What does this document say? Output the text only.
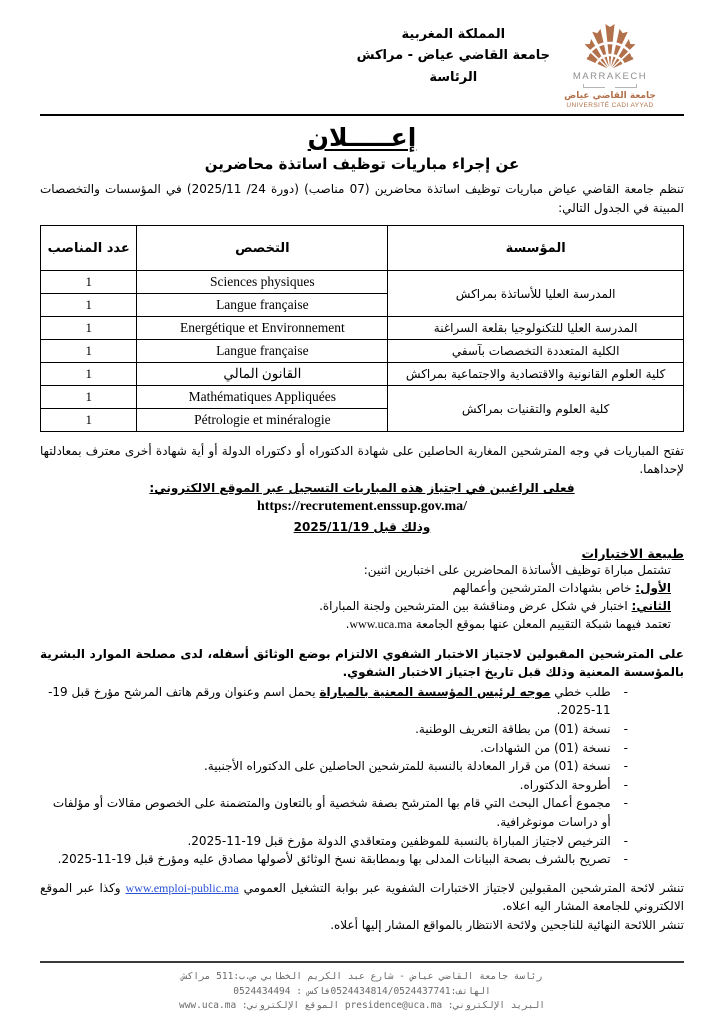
MARRAKECH
جامعة القاضي عياض
UNIVERSITÉ CADI AYYAD
المملكة المغربية
جامعة القاضي عياض - مراكش
الرئاسة
إعـــــلان
عن إجراء مباريات توظيف اساتذة محاضرين

تنظم جامعة القاضي عياض مباريات توظيف اساتذة محاضرين (07 مناصب) (دورة 24/ 2025/11) في المؤسسات والتخصصات المبينة في الجدول التالي:

المؤسسة	التخصص	عدد المناصب
المدرسة العليا للأساتذة بمراكش	Sciences physiques	1
	Langue française	1
المدرسة العليا للتكنولوجيا بقلعة السراغنة	Energétique et Environnement	1
الكلية المتعددة التخصصات بآسفي	Langue française	1
كلية العلوم القانونية والاقتصادية والاجتماعية بمراكش	القانون المالي	1
كلية العلوم والتقنيات بمراكش	Mathématiques Appliquées	1
	Pétrologie et minéralogie	1

تفتح المباريات في وجه المترشحين المغاربة الحاصلين على شهادة الدكتوراه أو دكتوراه الدولة أو أية شهادة أخرى معترف بمعادلتها لإحداهما.

فعلى الراغبين في اجتياز هذه المباريات التسجيل عبر الموقع الالكتروني:
https://recrutement.enssup.gov.ma/
وذلك قبل 2025/11/19
طبيعة الاختبارات
تشتمل مباراة توظيف الأساتذة المحاضرين على اختبارين اثنين:
الأول: خاص بشهادات المترشحين وأعمالهم
الثاني: اختبار في شكل عرض ومناقشة بين المترشحين ولجنة المباراة.
تعتمد فيهما شبكة التقييم المعلن عنها بموقع الجامعة www.uca.ma.

على المترشحين المقبولين لاجتياز الاختبار الشفوي الالتزام بوضع الوثائق أسفله، لدى مصلحة الموارد البشرية بالمؤسسة المعنية وذلك قبل تاريخ اجتياز الاختبار الشفوي.

-
طلب خطي موجه لرئيس المؤسسة المعنية بالمباراة يحمل اسم وعنوان ورقم هاتف المرشح مؤرخ قبل 19-11-2025.
-
نسخة (01) من بطاقة التعريف الوطنية.
-
نسخة (01) من الشهادات.
-
نسخة (01) من قرار المعادلة بالنسبة للمترشحين الحاصلين على الدكتوراه الأجنبية.
-
أطروحة الدكتوراه.
-
مجموع أعمال البحث التي قام بها المترشح بصفة شخصية أو بالتعاون والمتضمنة على الخصوص مقالات أو مؤلفات أو دراسات مونوغرافية.
-
الترخيص لاجتياز المباراة بالنسبة للموظفين ومتعاقدي الدولة مؤرخ قبل 19-11-2025.
-
تصريح بالشرف بصحة البيانات المدلى بها وبمطابقة نسخ الوثائق لأصولها مصادق عليه ومؤرخ قبل 19-11-2025.

تنشر لائحة المترشحين المقبولين لاجتياز الاختبارات الشفوية عبر بوابة التشغيل العمومي www.emploi-public.ma وكذا عبر الموقع الالكتروني للجامعة المشار اليه اعلاه.

تنشر اللائحة النهائية للناجحين ولائحة الانتظار بالمواقع المشار إليها أعلاه.

رئاسة جامعة القاضي عياض - شارع عبد الكريم الخطابي ص.ب:511 مراكش
الهاتف:0524434814/0524437741فاكس : 0524434494
البريد الإلكتروني: presidence@uca.ma الموقع الإلكتروني: www.uca.ma
